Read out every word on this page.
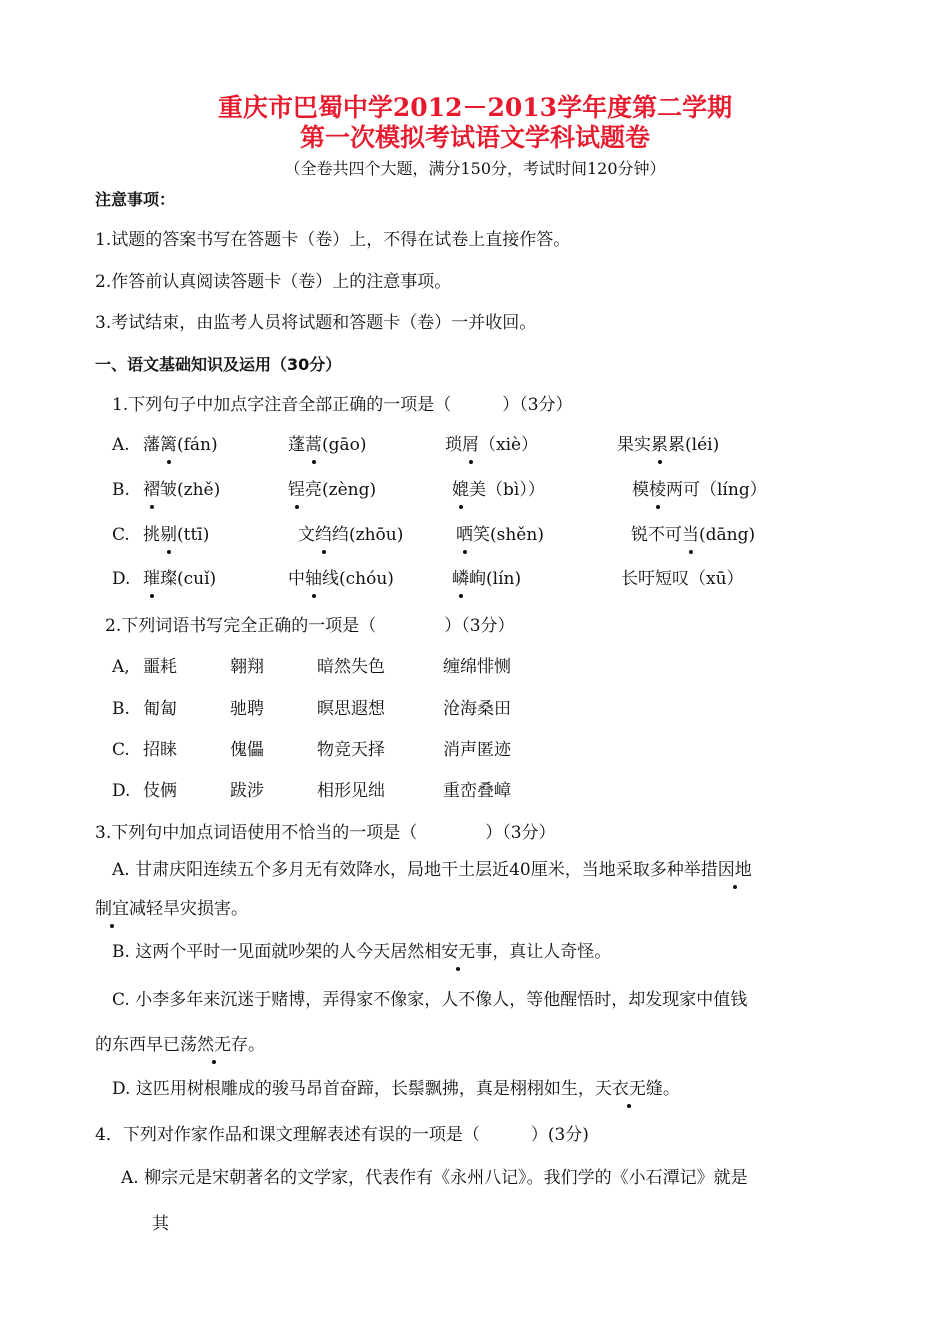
重庆市巴蜀中学2012－2013学年度第二学期
第一次模拟考试语文学科试题卷
（全卷共四个大题，满分150分，考试时间120分钟）
注意事项：
1.试题的答案书写在答题卡（卷）上，不得在试卷上直接作答。
2.作答前认真阅读答题卡（卷）上的注意事项。
3.考试结束，由监考人员将试题和答题卡（卷）一并收回。
一、语文基础知识及运用（30分）
1.下列句子中加点字注音全部正确的一项是（　　　）（3分）
A. 藩篱(fán)	蓬蒿(gāo)	琐屑（xiè）	果实累累(léi)
B. 褶皱(zhě)	锃亮(zèng)	媲美（bì））	模棱两可（líng）
C. 挑剔(ttī)	文绉绉(zhōu)	哂笑(shěn)	锐不可当(dāng)
D. 璀璨(cuǐ)	中轴线(chóu)	嶙峋(lín)	长吁短叹（xū）
2.下列词语书写完全正确的一项是（　　　　）（3分）
A, 噩耗	翱翔	暗然失色	缠绵悱恻
B. 匍匐	驰聘	暝思遐想	沧海桑田
C. 招睐	傀儡	物竞天择	消声匿迹
D. 伎俩	跋涉	相形见绌	重峦叠嶂
3.下列句中加点词语使用不恰当的一项是（　　　　）（3分）
A. 甘肃庆阳连续五个多月无有效降水，局地干土层近40厘米，当地采取多种举措因地
制宜减轻旱灾损害。
B. 这两个平时一见面就吵架的人今天居然相安无事，真让人奇怪。
C. 小李多年来沉迷于赌博，弄得家不像家，人不像人，等他醒悟时，却发现家中值钱
的东西早已荡然无存。
D. 这匹用树根雕成的骏马昂首奋蹄，长鬃飘拂，真是栩栩如生，天衣无缝。
4．下列对作家作品和课文理解表述有误的一项是（　　　）(3分)
A. 柳宗元是宋朝著名的文学家，代表作有《永州八记》。我们学的《小石潭记》就是
其
